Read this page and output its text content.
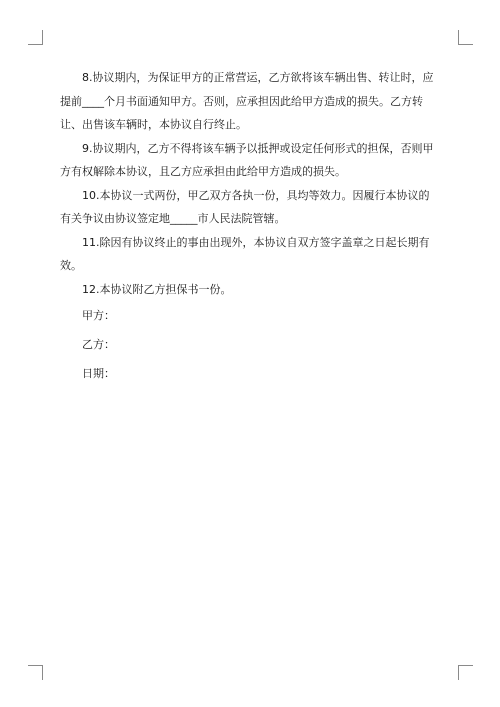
8.协议期内，为保证甲方的正常营运，乙方欲将该车辆出售、转让时，应提前____个月书面通知甲方。否则，应承担因此给甲方造成的损失。乙方转让、出售该车辆时，本协议自行终止。

9.协议期内，乙方不得将该车辆予以抵押或设定任何形式的担保，否则甲方有权解除本协议，且乙方应承担由此给甲方造成的损失。

10.本协议一式两份，甲乙双方各执一份，具均等效力。因履行本协议的有关争议由协议签定地_____市人民法院管辖。

11.除因有协议终止的事由出现外，本协议自双方签字盖章之日起长期有效。

12.本协议附乙方担保书一份。

甲方：

乙方：

日期：
